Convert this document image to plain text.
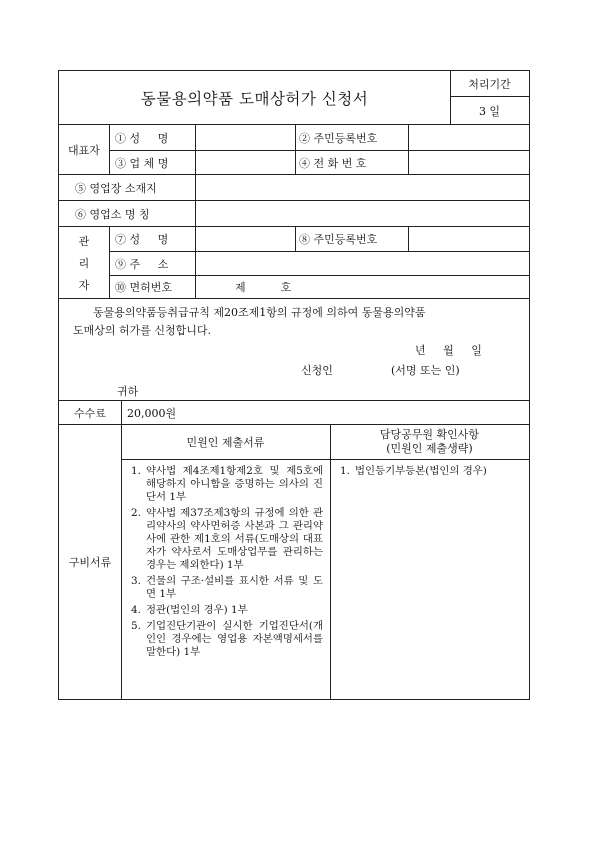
동물용의약품 도매상허가 신청서
처리기간
3 일
대표자
① 성     명	② 주민등록번호
③ 업 체 명	④ 전 화 번 호
⑤ 영업장 소재지
⑥ 영업소 명 칭
관
리
자
⑦ 성     명	⑧ 주민등록번호
⑨ 주     소
⑩ 면허번호	제          호
동물용의약품등취급규칙 제20조제1항의 규정에 의하여 동물용의약품
도매상의 허가를 신청합니다.
년     월     일
신청인	(서명 또는 인)
귀하
수수료	20,000원
구비서류
민원인 제출서류
담당공무원 확인사항
(민원인 제출생략)
1. 약사법 제4조제1항제2호 및 제5호에 해당하지 아니함을 증명하는 의사의 진단서 1부
2. 약사법 제37조제3항의 규정에 의한 관리약사의 약사면허증 사본과 그 관리약사에 관한 제1호의 서류(도매상의 대표자가 약사로서 도매상업무를 관리하는 경우는 제외한다) 1부
3. 건물의 구조·설비를 표시한 서류 및 도면 1부
4. 정관(법인의 경우) 1부
5. 기업진단기관이 실시한 기업진단서(개인인 경우에는 영업용 자본액명세서를 말한다) 1부
1. 법인등기부등본(법인의 경우)
